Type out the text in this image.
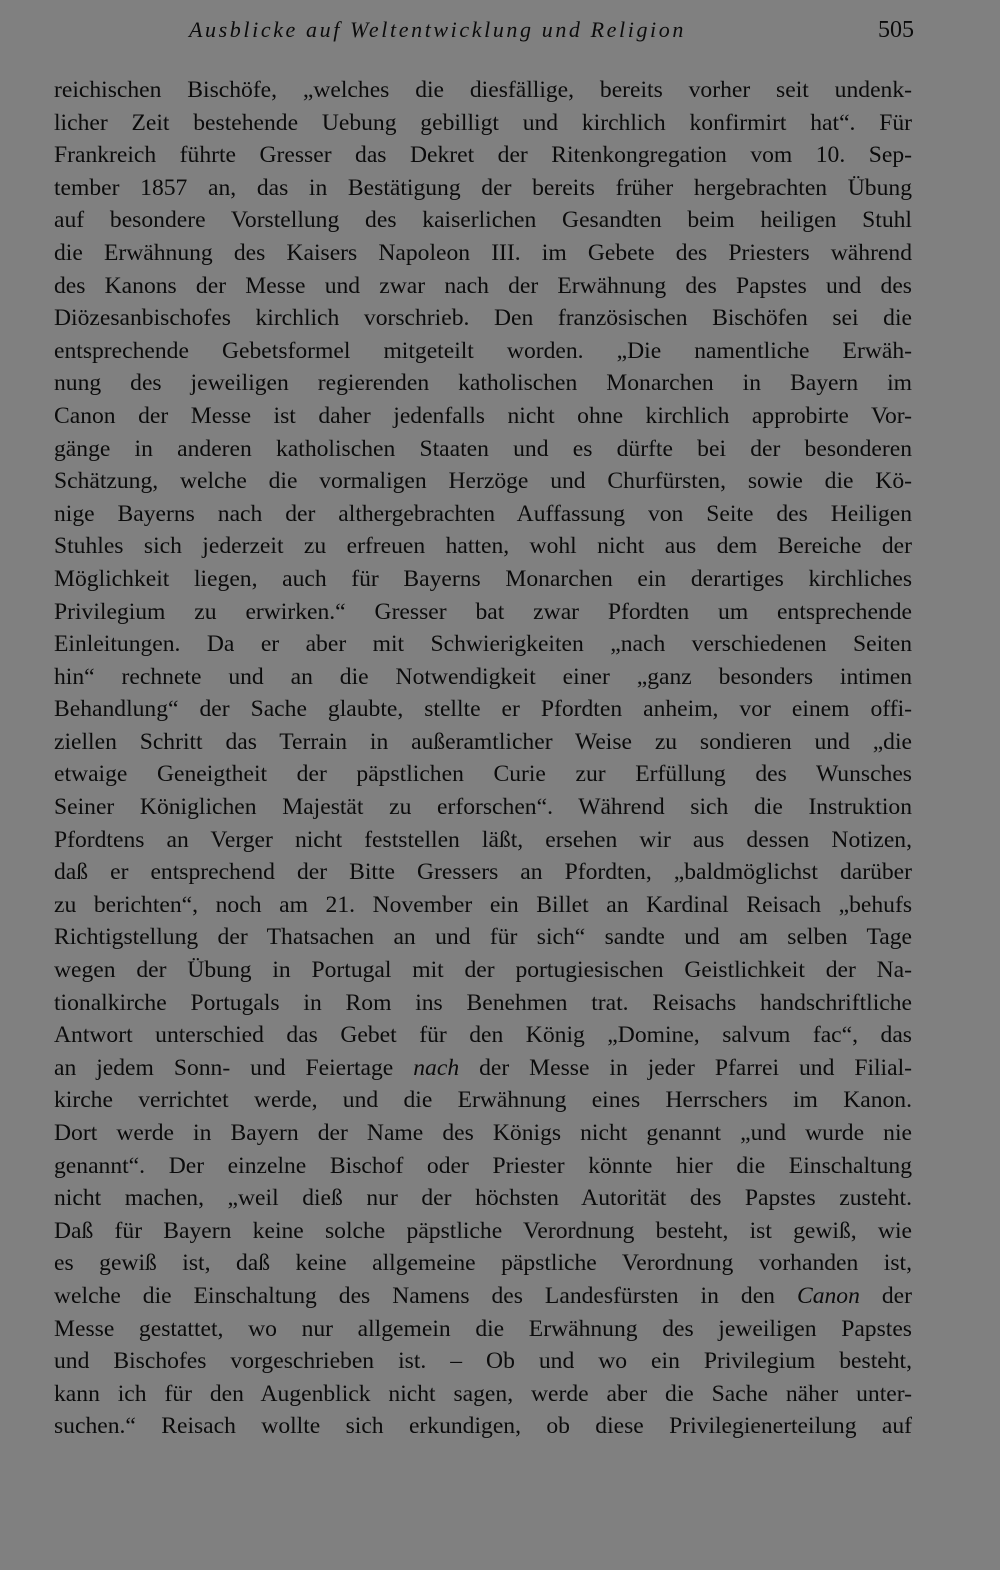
Ausblicke auf Weltentwicklung und Religion	505
reichischen Bischöfe, „welches die diesfällige, bereits vorher seit undenk-
licher Zeit bestehende Uebung gebilligt und kirchlich konfirmirt hat“. Für
Frankreich führte Gresser das Dekret der Ritenkongregation vom 10. Sep-
tember 1857 an, das in Bestätigung der bereits früher hergebrachten Übung
auf besondere Vorstellung des kaiserlichen Gesandten beim heiligen Stuhl
die Erwähnung des Kaisers Napoleon III. im Gebete des Priesters während
des Kanons der Messe und zwar nach der Erwähnung des Papstes und des
Diözesanbischofes kirchlich vorschrieb. Den französischen Bischöfen sei die
entsprechende Gebetsformel mitgeteilt worden. „Die namentliche Erwäh-
nung des jeweiligen regierenden katholischen Monarchen in Bayern im
Canon der Messe ist daher jedenfalls nicht ohne kirchlich approbirte Vor-
gänge in anderen katholischen Staaten und es dürfte bei der besonderen
Schätzung, welche die vormaligen Herzöge und Churfürsten, sowie die Kö-
nige Bayerns nach der althergebrachten Auffassung von Seite des Heiligen
Stuhles sich jederzeit zu erfreuen hatten, wohl nicht aus dem Bereiche der
Möglichkeit liegen, auch für Bayerns Monarchen ein derartiges kirchliches
Privilegium zu erwirken.“ Gresser bat zwar Pfordten um entsprechende
Einleitungen. Da er aber mit Schwierigkeiten „nach verschiedenen Seiten
hin“ rechnete und an die Notwendigkeit einer „ganz besonders intimen
Behandlung“ der Sache glaubte, stellte er Pfordten anheim, vor einem offi-
ziellen Schritt das Terrain in außeramtlicher Weise zu sondieren und „die
etwaige Geneigtheit der päpstlichen Curie zur Erfüllung des Wunsches
Seiner Königlichen Majestät zu erforschen“. Während sich die Instruktion
Pfordtens an Verger nicht feststellen läßt, ersehen wir aus dessen Notizen,
daß er entsprechend der Bitte Gressers an Pfordten, „baldmöglichst darüber
zu berichten“, noch am 21. November ein Billet an Kardinal Reisach „behufs
Richtigstellung der Thatsachen an und für sich“ sandte und am selben Tage
wegen der Übung in Portugal mit der portugiesischen Geistlichkeit der Na-
tionalkirche Portugals in Rom ins Benehmen trat. Reisachs handschriftliche
Antwort unterschied das Gebet für den König „Domine, salvum fac“, das
an jedem Sonn- und Feiertage nach der Messe in jeder Pfarrei und Filial-
kirche verrichtet werde, und die Erwähnung eines Herrschers im Kanon.
Dort werde in Bayern der Name des Königs nicht genannt „und wurde nie
genannt“. Der einzelne Bischof oder Priester könnte hier die Einschaltung
nicht machen, „weil dieß nur der höchsten Autorität des Papstes zusteht.
Daß für Bayern keine solche päpstliche Verordnung besteht, ist gewiß, wie
es gewiß ist, daß keine allgemeine päpstliche Verordnung vorhanden ist,
welche die Einschaltung des Namens des Landesfürsten in den Canon der
Messe gestattet, wo nur allgemein die Erwähnung des jeweiligen Papstes
und Bischofes vorgeschrieben ist. – Ob und wo ein Privilegium besteht,
kann ich für den Augenblick nicht sagen, werde aber die Sache näher unter-
suchen.“ Reisach wollte sich erkundigen, ob diese Privilegienerteilung auf
